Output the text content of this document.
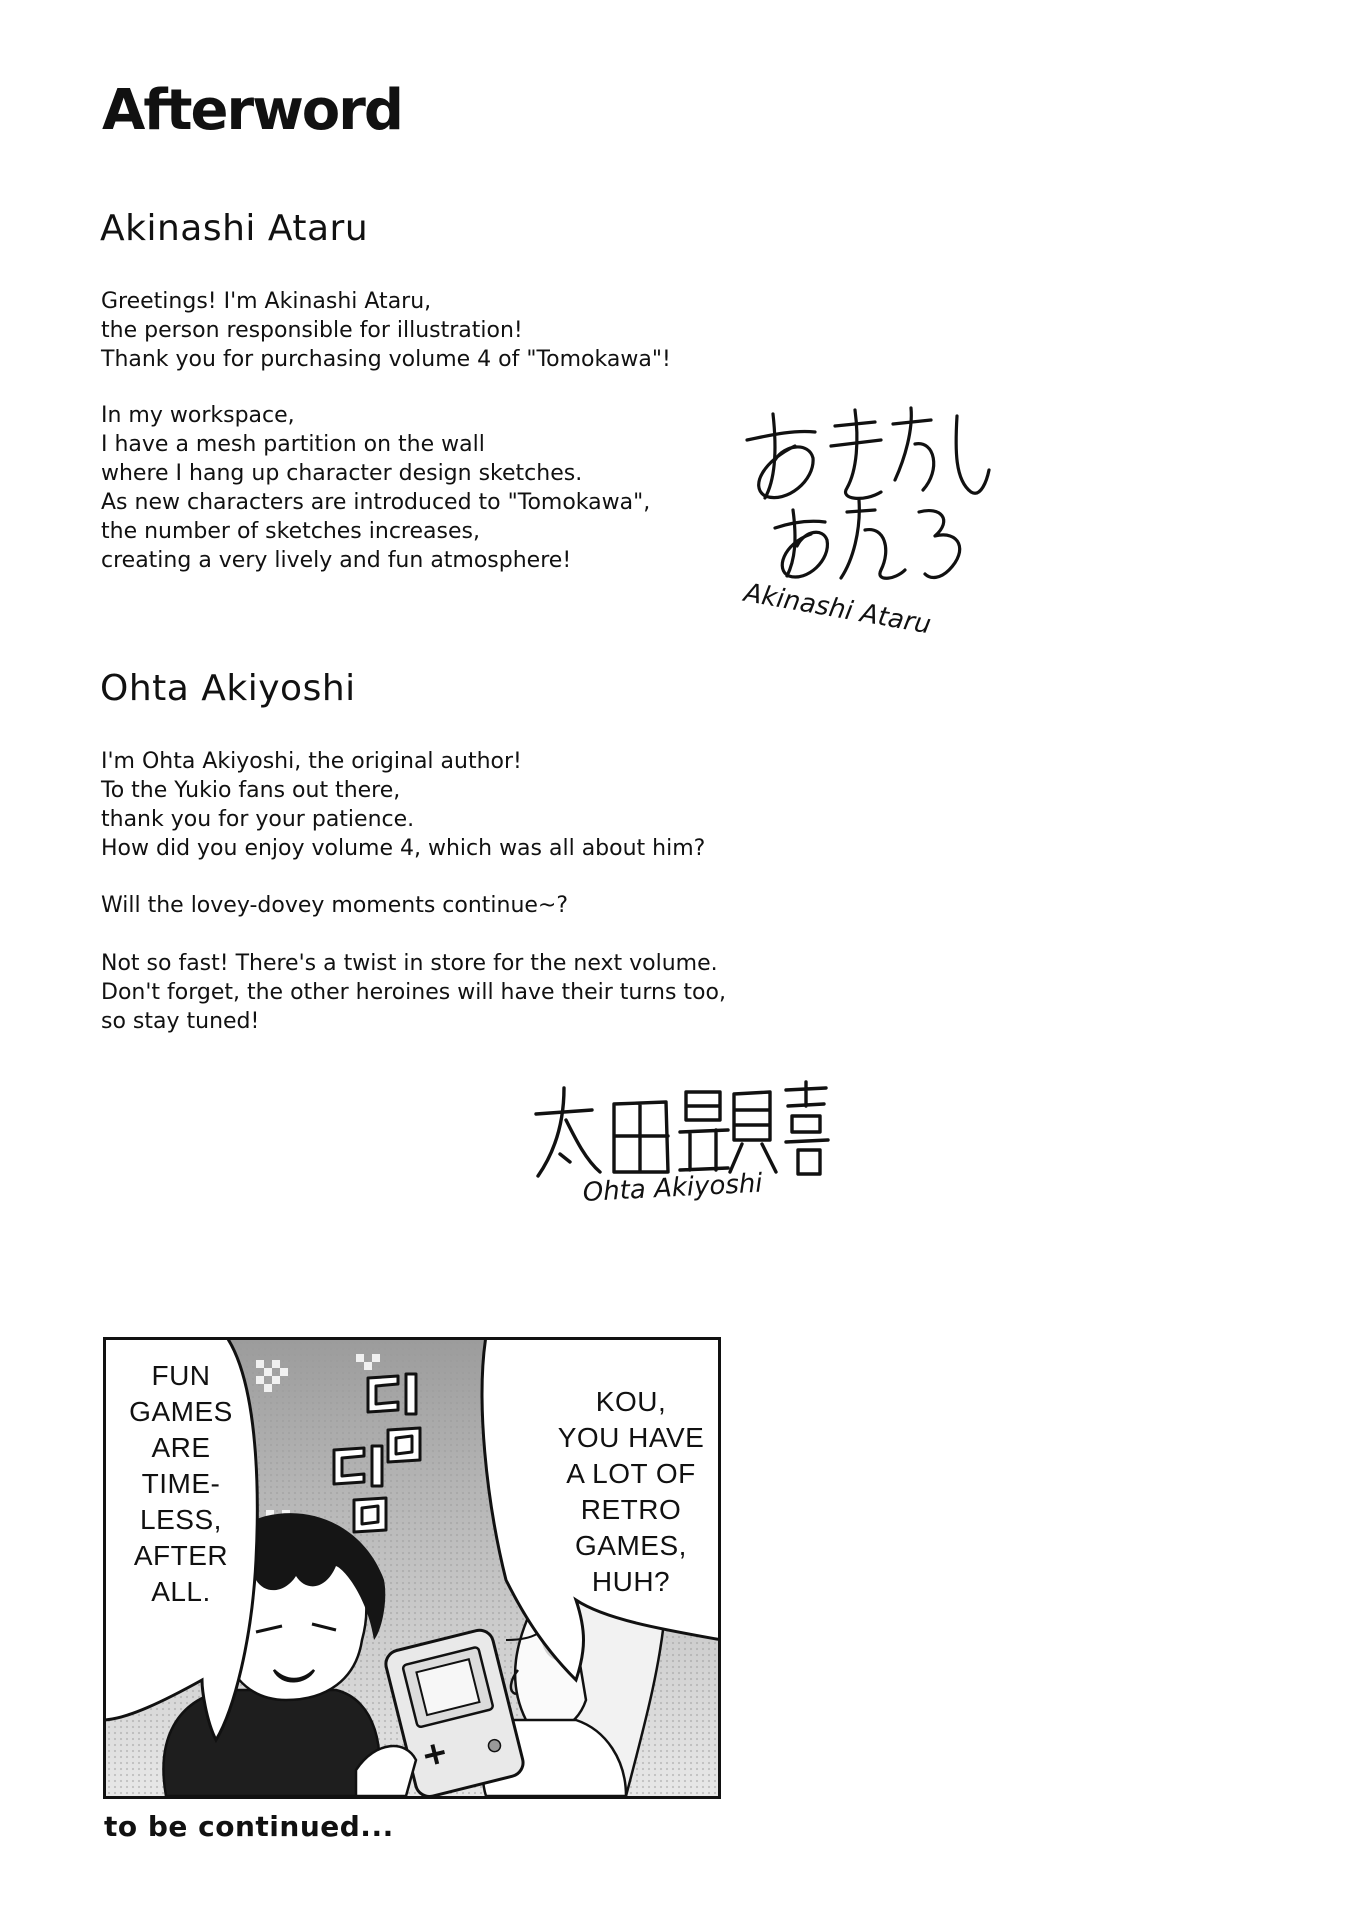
Afterword
Akinashi Ataru

Greetings! I'm Akinashi Ataru,
the person responsible for illustration!
Thank you for purchasing volume 4 of "Tomokawa"!

In my workspace,
I have a mesh partition on the wall
where I hang up character design sketches.
As new characters are introduced to "Tomokawa",
the number of sketches increases,
creating a very lively and fun atmosphere!

Akinashi Ataru
Ohta Akiyoshi

I'm Ohta Akiyoshi, the original author!
To the Yukio fans out there,
thank you for your patience.
How did you enjoy volume 4, which was all about him?

Will the lovey-dovey moments continue~?

Not so fast! There's a twist in store for the next volume.
Don't forget, the other heroines will have their turns too,
so stay tuned!

Ohta Akiyoshi
FUN
GAMES
ARE
TIME-
LESS,
AFTER
ALL.
KOU,
YOU HAVE
A LOT OF
RETRO
GAMES,
HUH?
to be continued...
